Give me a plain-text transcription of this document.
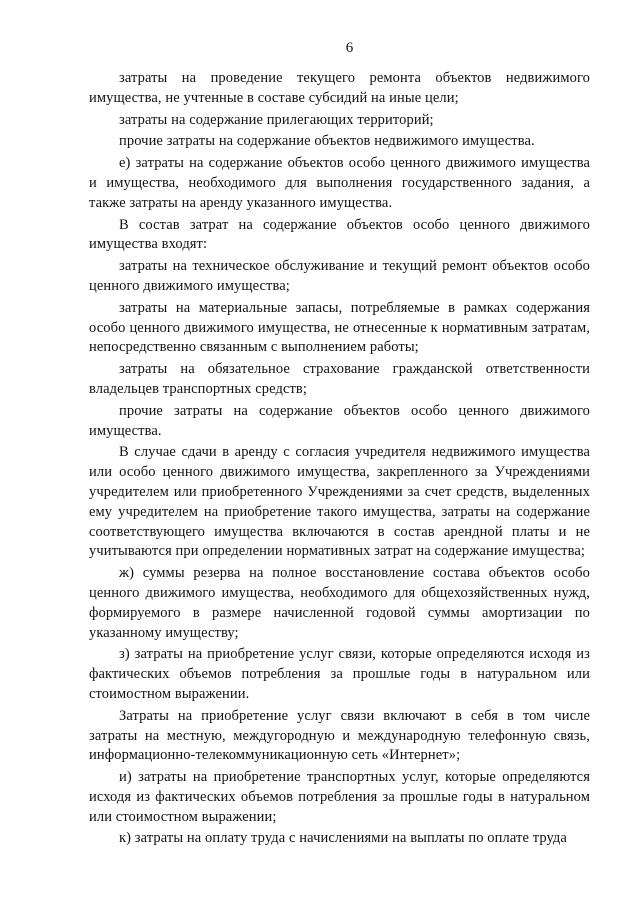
6

затраты на проведение текущего ремонта объектов недвижимого имущества, не учтенные в составе субсидий на иные цели;

затраты на содержание прилегающих территорий;

прочие затраты на содержание объектов недвижимого имущества.

е) затраты на содержание объектов особо ценного движимого имущества и имущества, необходимого для выполнения государственного задания, а также затраты на аренду указанного имущества.

В состав затрат на содержание объектов особо ценного движимого имущества входят:

затраты на техническое обслуживание и текущий ремонт объектов особо ценного движимого имущества;

затраты на материальные запасы, потребляемые в рамках содержания особо ценного движимого имущества, не отнесенные к нормативным затратам, непосредственно связанным с выполнением работы;

затраты на обязательное страхование гражданской ответственности владельцев транспортных средств;

прочие затраты на содержание объектов особо ценного движимого имущества.

В случае сдачи в аренду с согласия учредителя недвижимого имущества или особо ценного движимого имущества, закрепленного за Учреждениями учредителем или приобретенного Учреждениями за счет средств, выделенных ему учредителем на приобретение такого имущества, затраты на содержание соответствующего имущества включаются в состав арендной платы и не учитываются при определении нормативных затрат на содержание имущества;

ж) суммы резерва на полное восстановление состава объектов особо ценного движимого имущества, необходимого для общехозяйственных нужд, формируемого в размере начисленной годовой суммы амортизации по указанному имуществу;

з) затраты на приобретение услуг связи, которые определяются исходя из фактических объемов потребления за прошлые годы в натуральном или стоимостном выражении.

Затраты на приобретение услуг связи включают в себя в том числе затраты на местную, междугородную и международную телефонную связь, информационно-телекоммуникационную сеть «Интернет»;

и) затраты на приобретение транспортных услуг, которые определяются исходя из фактических объемов потребления за прошлые годы в натуральном или стоимостном выражении;

к) затраты на оплату труда с начислениями на выплаты по оплате труда
